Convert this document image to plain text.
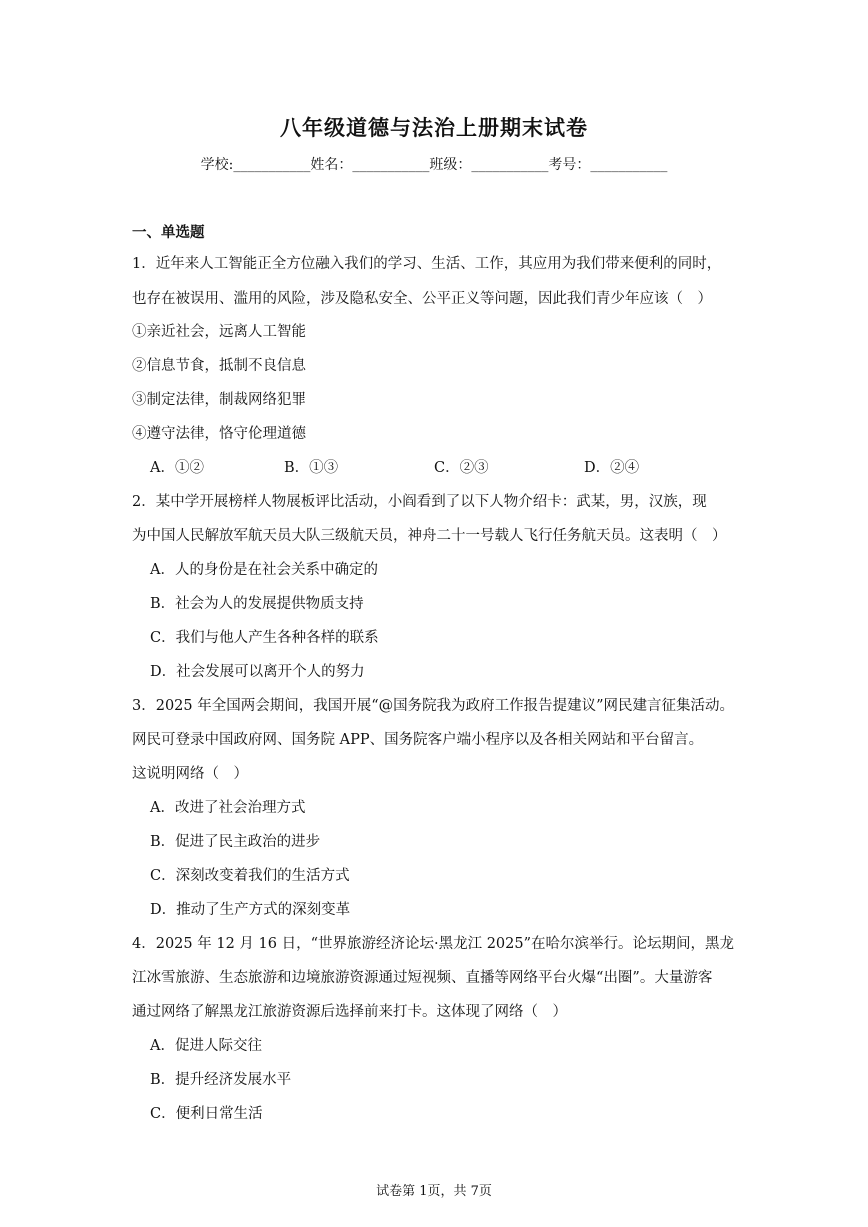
八年级道德与法治上册期末试卷
学校:___________姓名：___________班级：___________考号：___________
一、单选题
1．近年来人工智能正全方位融入我们的学习、生活、工作，其应用为我们带来便利的同时，
也存在被误用、滥用的风险，涉及隐私安全、公平正义等问题，因此我们青少年应该（　）
①亲近社会，远离人工智能
②信息节食，抵制不良信息
③制定法律，制裁网络犯罪
④遵守法律，恪守伦理道德
A．①②	B．①③	C．②③	D．②④
2．某中学开展榜样人物展板评比活动，小阎看到了以下人物介绍卡：武某，男，汉族，现
为中国人民解放军航天员大队三级航天员，神舟二十一号载人飞行任务航天员。这表明（　）
A．人的身份是在社会关系中确定的
B．社会为人的发展提供物质支持
C．我们与他人产生各种各样的联系
D．社会发展可以离开个人的努力
3．2025 年全国两会期间，我国开展“@国务院我为政府工作报告提建议”网民建言征集活动。
网民可登录中国政府网、国务院 APP、国务院客户端小程序以及各相关网站和平台留言。
这说明网络（　）
A．改进了社会治理方式
B．促进了民主政治的进步
C．深刻改变着我们的生活方式
D．推动了生产方式的深刻变革
4．2025 年 12 月 16 日，“世界旅游经济论坛·黑龙江 2025”在哈尔滨举行。论坛期间，黑龙
江冰雪旅游、生态旅游和边境旅游资源通过短视频、直播等网络平台火爆“出圈”。大量游客
通过网络了解黑龙江旅游资源后选择前来打卡。这体现了网络（　）
A．促进人际交往
B．提升经济发展水平
C．便利日常生活
试卷第 1页，共 7页
